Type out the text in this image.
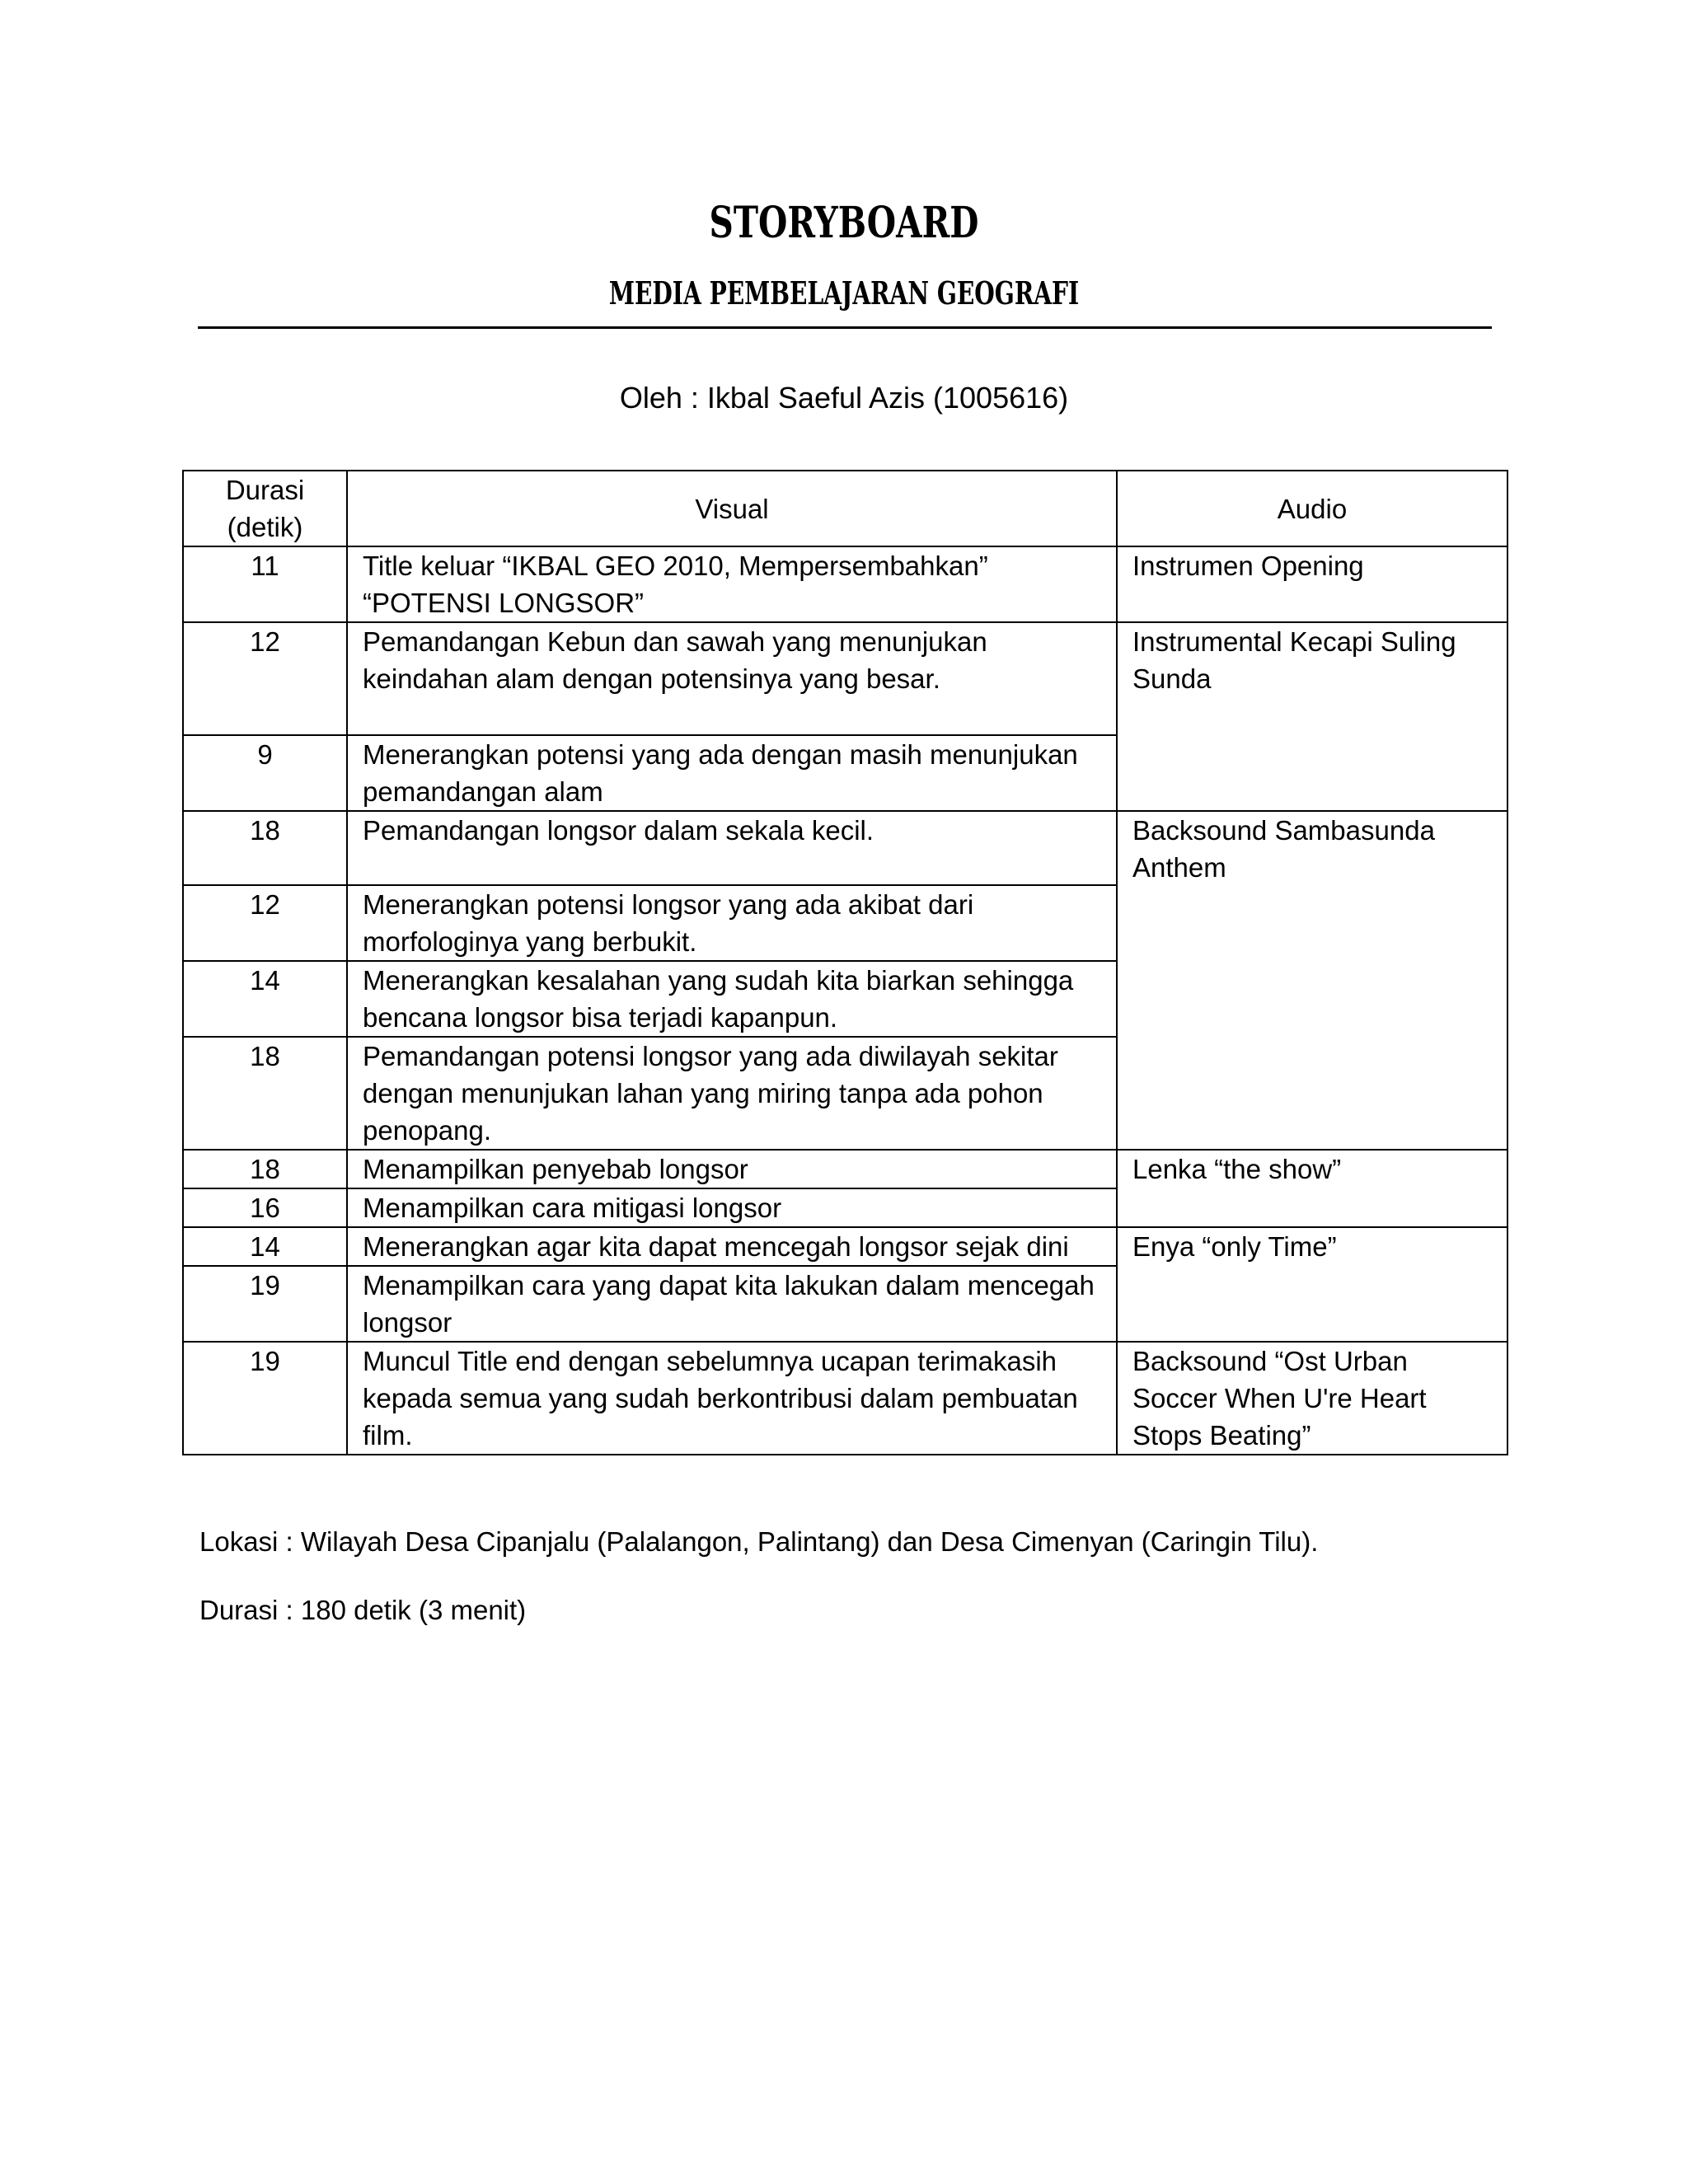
STORYBOARD
MEDIA PEMBELAJARAN GEOGRAFI
Oleh : Ikbal Saeful Azis (1005616)
Durasi (detik)	Visual	Audio
11	Title keluar “IKBAL GEO 2010, Mempersembahkan” “POTENSI LONGSOR”	Instrumen Opening
12	Pemandangan Kebun dan sawah yang menunjukan keindahan alam dengan potensinya yang besar.	Instrumental Kecapi Suling Sunda
9	Menerangkan potensi yang ada dengan masih menunjukan pemandangan alam	
18	Pemandangan longsor dalam sekala kecil.	Backsound Sambasunda Anthem
12	Menerangkan potensi longsor yang ada akibat dari morfologinya yang berbukit.	
14	Menerangkan kesalahan yang sudah kita biarkan sehingga bencana longsor bisa terjadi kapanpun.	
18	Pemandangan potensi longsor yang ada diwilayah sekitar dengan menunjukan lahan yang miring tanpa ada pohon penopang.	
18	Menampilkan penyebab longsor	Lenka “the show”
16	Menampilkan cara mitigasi longsor	
14	Menerangkan agar kita dapat mencegah longsor sejak dini	Enya “only Time”
19	Menampilkan cara yang dapat kita lakukan dalam mencegah longsor	
19	Muncul Title end dengan sebelumnya ucapan terimakasih kepada semua yang sudah berkontribusi dalam pembuatan film.	Backsound “Ost Urban Soccer When U're Heart Stops Beating”
Lokasi : Wilayah Desa Cipanjalu (Palalangon, Palintang) dan Desa Cimenyan (Caringin Tilu).
Durasi : 180 detik (3 menit)
